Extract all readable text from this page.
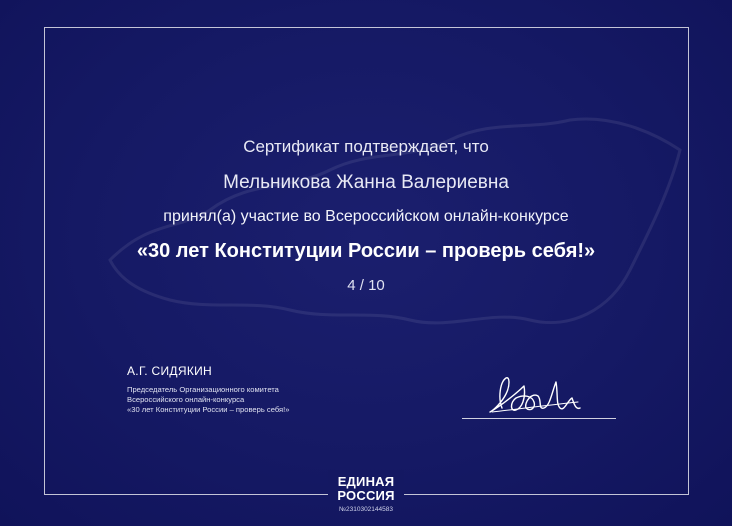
Сертификат подтверждает, что
Мельникова Жанна Валериевна
принял(а) участие во Всероссийском онлайн-конкурсе
«30 лет Конституции России – проверь себя!»
4 / 10
А.Г. СИДЯКИН
Председатель Организационного комитета
Всероссийского онлайн-конкурса
«30 лет Конституции России – проверь себя!»
ЕДИНАЯ
РОССИЯ
№2310302144583
